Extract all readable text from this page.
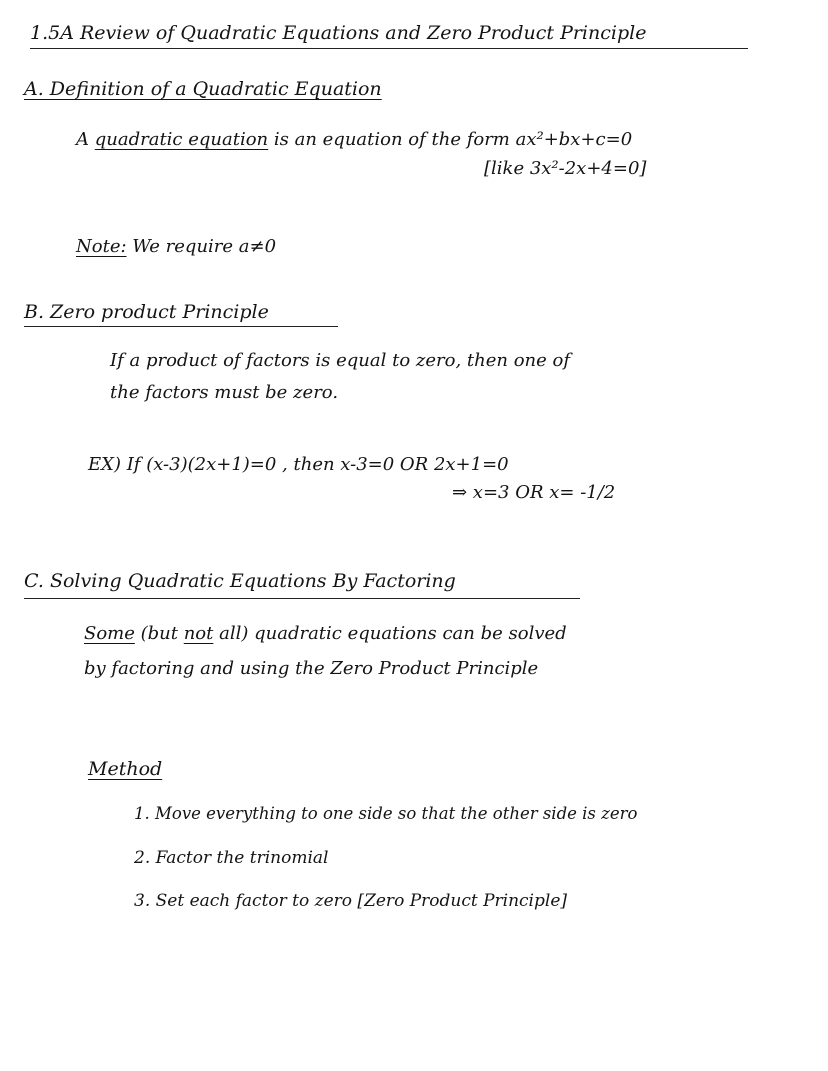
1.5A Review of Quadratic Equations and Zero Product Principle
A. Definition of a Quadratic Equation
A quadratic equation is an equation of the form ax²+bx+c=0
[like 3x²-2x+4=0]
Note: We require a≠0
B. Zero product Principle
If a product of factors is equal to zero, then one of
the factors must be zero.
EX) If (x-3)(2x+1)=0 , then x-3=0 OR 2x+1=0
⇒ x=3 OR x= -1/2
C. Solving Quadratic Equations By Factoring
Some (but not all) quadratic equations can be solved
by factoring and using the Zero Product Principle
Method
1. Move everything to one side so that the other side is zero
2. Factor the trinomial
3. Set each factor to zero [Zero Product Principle]
